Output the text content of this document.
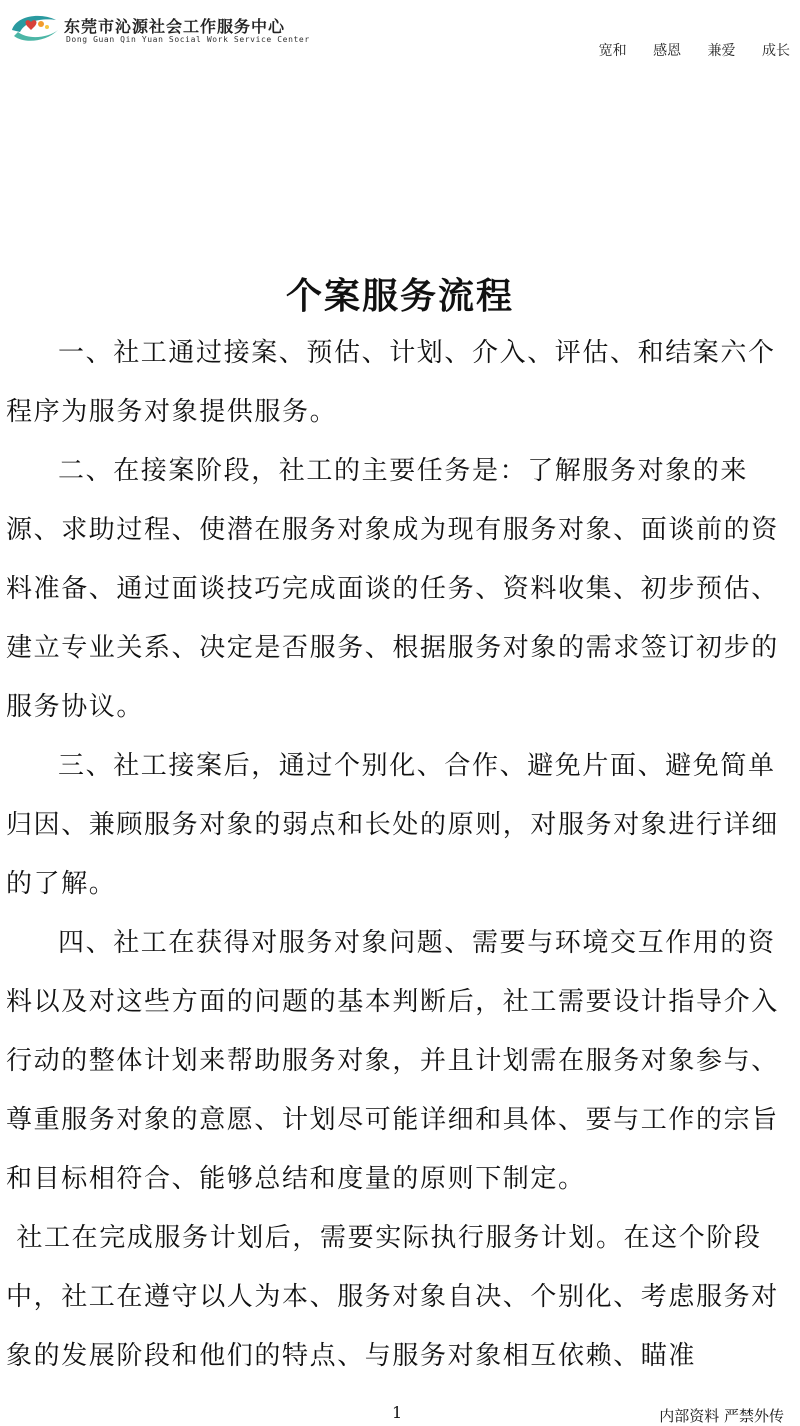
东莞市沁源社会工作服务中心
Dong Guan Qin Yuan Social Work Service Center
宽和 感恩 兼爱 成长
个案服务流程

一、社工通过接案、预估、计划、介入、评估、和结案六个程序为服务对象提供服务。

二、在接案阶段，社工的主要任务是：了解服务对象的来源、求助过程、使潜在服务对象成为现有服务对象、面谈前的资料准备、通过面谈技巧完成面谈的任务、资料收集、初步预估、建立专业关系、决定是否服务、根据服务对象的需求签订初步的服务协议。

三、社工接案后，通过个别化、合作、避免片面、避免简单归因、兼顾服务对象的弱点和长处的原则，对服务对象进行详细的了解。

四、社工在获得对服务对象问题、需要与环境交互作用的资料以及对这些方面的问题的基本判断后，社工需要设计指导介入行动的整体计划来帮助服务对象，并且计划需在服务对象参与、尊重服务对象的意愿、计划尽可能详细和具体、要与工作的宗旨和目标相符合、能够总结和度量的原则下制定。

社工在完成服务计划后，需要实际执行服务计划。在这个阶段中，社工在遵守以人为本、服务对象自决、个别化、考虑服务对象的发展阶段和他们的特点、与服务对象相互依赖、瞄准

1	内部资料 严禁外传
